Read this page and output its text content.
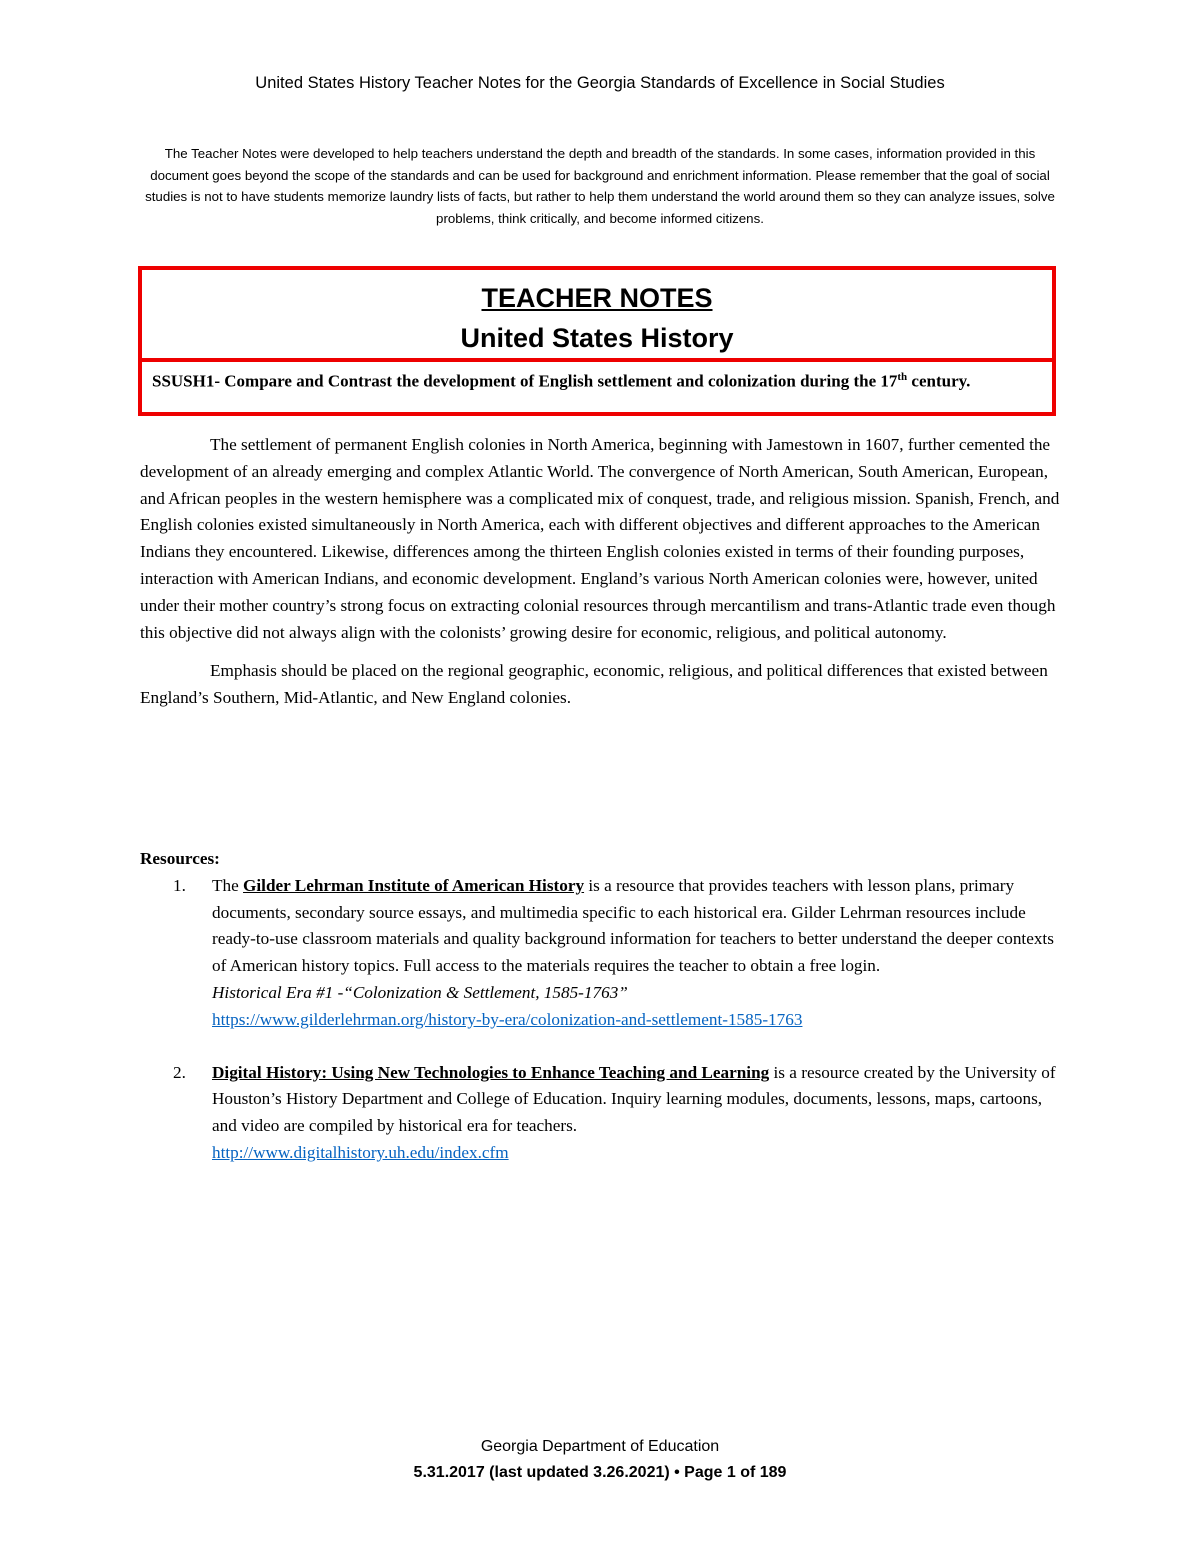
United States History Teacher Notes for the Georgia Standards of Excellence in Social Studies
The Teacher Notes were developed to help teachers understand the depth and breadth of the standards. In some cases, information provided in this document goes beyond the scope of the standards and can be used for background and enrichment information. Please remember that the goal of social studies is not to have students memorize laundry lists of facts, but rather to help them understand the world around them so they can analyze issues, solve problems, think critically, and become informed citizens.
TEACHER NOTES
United States History
SSUSH1- Compare and Contrast the development of English settlement and colonization during the 17th century.

The settlement of permanent English colonies in North America, beginning with Jamestown in 1607, further cemented the development of an already emerging and complex Atlantic World. The convergence of North American, South American, European, and African peoples in the western hemisphere was a complicated mix of conquest, trade, and religious mission. Spanish, French, and English colonies existed simultaneously in North America, each with different objectives and different approaches to the American Indians they encountered. Likewise, differences among the thirteen English colonies existed in terms of their founding purposes, interaction with American Indians, and economic development. England’s various North American colonies were, however, united under their mother country’s strong focus on extracting colonial resources through mercantilism and trans-Atlantic trade even though this objective did not always align with the colonists’ growing desire for economic, religious, and political autonomy.

Emphasis should be placed on the regional geographic, economic, religious, and political differences that existed between England’s Southern, Mid-Atlantic, and New England colonies.

Resources:
1. The Gilder Lehrman Institute of American History is a resource that provides teachers with lesson plans, primary documents, secondary source essays, and multimedia specific to each historical era. Gilder Lehrman resources include ready-to-use classroom materials and quality background information for teachers to better understand the deeper contexts of American history topics. Full access to the materials requires the teacher to obtain a free login.
Historical Era #1 -“Colonization & Settlement, 1585-1763”
https://www.gilderlehrman.org/history-by-era/colonization-and-settlement-1585-1763
2. Digital History: Using New Technologies to Enhance Teaching and Learning is a resource created by the University of Houston’s History Department and College of Education. Inquiry learning modules, documents, lessons, maps, cartoons, and video are compiled by historical era for teachers.
http://www.digitalhistory.uh.edu/index.cfm
Georgia Department of Education
5.31.2017 (last updated 3.26.2021) • Page 1 of 189
